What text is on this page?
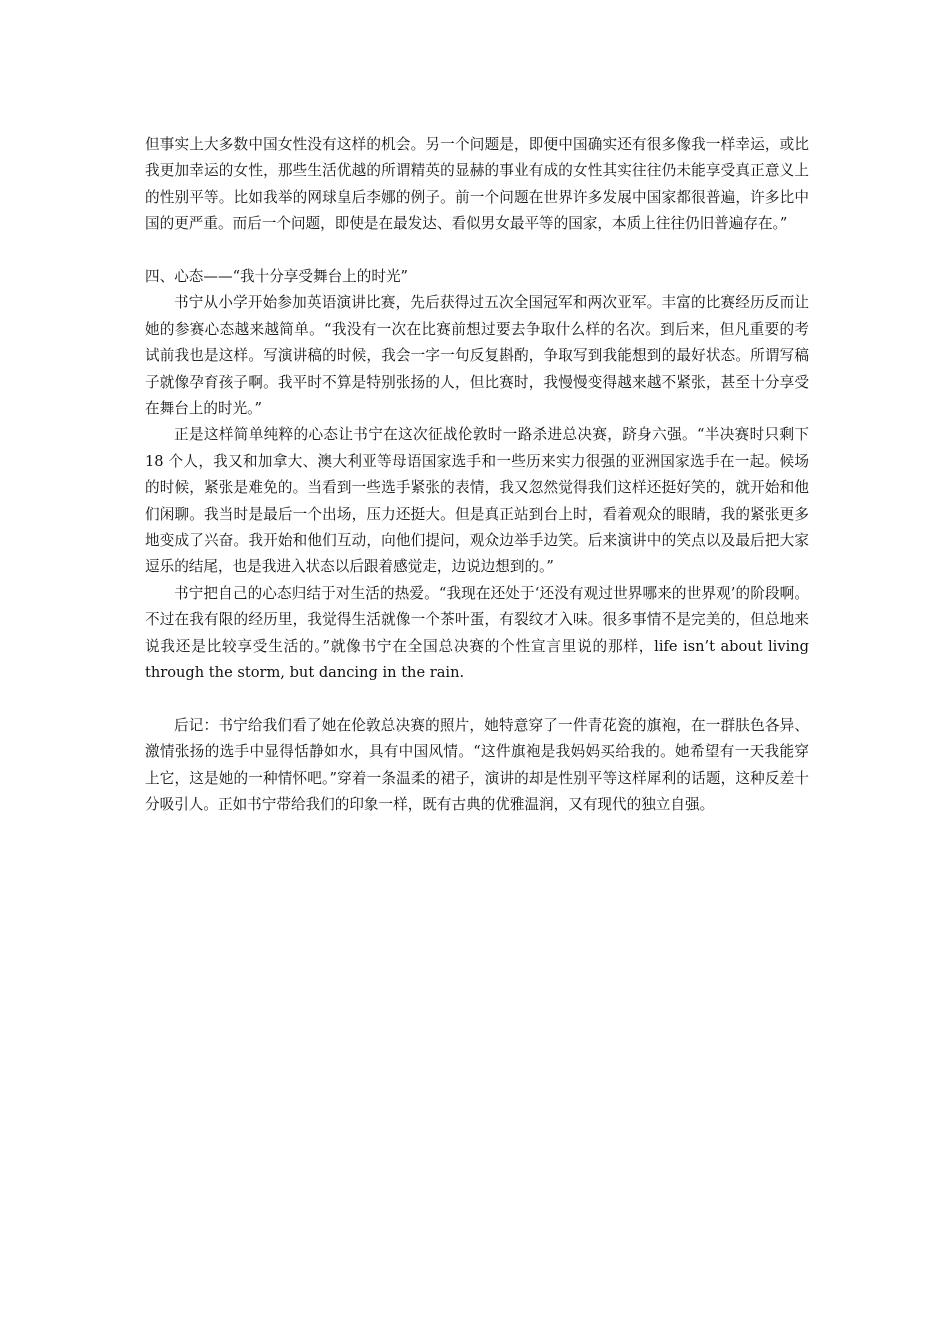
但事实上大多数中国女性没有这样的机会。另一个问题是，即便中国确实还有很多像我一样幸运，或比我更加幸运的女性，那些生活优越的所谓精英的显赫的事业有成的女性其实往往仍未能享受真正意义上的性别平等。比如我举的网球皇后李娜的例子。前一个问题在世界许多发展中国家都很普遍，许多比中国的更严重。而后一个问题，即使是在最发达、看似男女最平等的国家，本质上往往仍旧普遍存在。”

四、心态——“我十分享受舞台上的时光”

书宁从小学开始参加英语演讲比赛，先后获得过五次全国冠军和两次亚军。丰富的比赛经历反而让她的参赛心态越来越简单。“我没有一次在比赛前想过要去争取什么样的名次。到后来，但凡重要的考试前我也是这样。写演讲稿的时候，我会一字一句反复斟酌，争取写到我能想到的最好状态。所谓写稿子就像孕育孩子啊。我平时不算是特别张扬的人，但比赛时，我慢慢变得越来越不紧张，甚至十分享受在舞台上的时光。”

正是这样简单纯粹的心态让书宁在这次征战伦敦时一路杀进总决赛，跻身六强。“半决赛时只剩下 18 个人，我又和加拿大、澳大利亚等母语国家选手和一些历来实力很强的亚洲国家选手在一起。候场的时候，紧张是难免的。当看到一些选手紧张的表情，我又忽然觉得我们这样还挺好笑的，就开始和他们闲聊。我当时是最后一个出场，压力还挺大。但是真正站到台上时，看着观众的眼睛，我的紧张更多地变成了兴奋。我开始和他们互动，向他们提问，观众边举手边笑。后来演讲中的笑点以及最后把大家逗乐的结尾，也是我进入状态以后跟着感觉走，边说边想到的。”

书宁把自己的心态归结于对生活的热爱。“我现在还处于‘还没有观过世界哪来的世界观’的阶段啊。不过在我有限的经历里，我觉得生活就像一个茶叶蛋，有裂纹才入味。很多事情不是完美的，但总地来说我还是比较享受生活的。”就像书宁在全国总决赛的个性宣言里说的那样，life isn’t about living through the storm, but dancing in the rain.

后记：书宁给我们看了她在伦敦总决赛的照片，她特意穿了一件青花瓷的旗袍，在一群肤色各异、激情张扬的选手中显得恬静如水，具有中国风情。“这件旗袍是我妈妈买给我的。她希望有一天我能穿上它，这是她的一种情怀吧。”穿着一条温柔的裙子，演讲的却是性别平等这样犀利的话题，这种反差十分吸引人。正如书宁带给我们的印象一样，既有古典的优雅温润，又有现代的独立自强。
